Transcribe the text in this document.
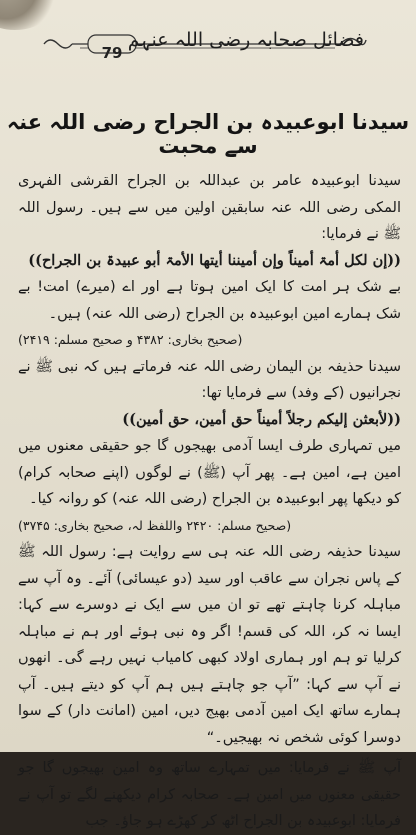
79
فضائل صحابہ رضی اللہ عنہم
سیدنا ابوعبیدہ بن الجراح رضی اللہ عنہ سے محبت

سیدنا ابوعبیدہ عامر بن عبداللہ بن الجراح القرشی الفہری المکی رضی اللہ عنہ سابقین اولین میں سے ہیں۔ رسول اللہ ﷺ نے فرمایا:

((إن لکل أمۃ أمیناً وإن أمیننا أیتھا الأمۃ أبو عبیدۃ بن الجراح))

بے شک ہر امت کا ایک امین ہوتا ہے اور اے (میرے) امت! بے شک ہمارے امین ابوعبیدہ بن الجراح (رضی اللہ عنہ) ہیں۔

(صحیح بخاری: ۴۳۸۲ و صحیح مسلم: ۲۴۱۹)

سیدنا حذیفہ بن الیمان رضی اللہ عنہ فرماتے ہیں کہ نبی ﷺ نے نجرانیوں (کے وفد) سے فرمایا تھا:

((لأبعثن إلیکم رجلاً أمیناً حق أمین، حق أمین))

میں تمہاری طرف ایسا آدمی بھیجوں گا جو حقیقی معنوں میں امین ہے، امین ہے۔ پھر آپ (ﷺ) نے لوگوں (اپنے صحابہ کرام) کو دیکھا پھر ابوعبیدہ بن الجراح (رضی اللہ عنہ) کو روانہ کیا۔

(صحیح مسلم: ۲۴۲۰ واللفظ لہ، صحیح بخاری: ۳۷۴۵)

سیدنا حذیفہ رضی اللہ عنہ ہی سے روایت ہے: رسول اللہ ﷺ کے پاس نجران سے عاقب اور سید (دو عیسائی) آئے۔ وہ آپ سے مباہلہ کرنا چاہتے تھے تو ان میں سے ایک نے دوسرے سے کہا: ایسا نہ کر، اللہ کی قسم! اگر وہ نبی ہوئے اور ہم نے مباہلہ کرلیا تو ہم اور ہماری اولاد کبھی کامیاب نہیں رہے گی۔ انھوں نے آپ سے کہا: ”آپ جو چاہتے ہیں ہم آپ کو دیتے ہیں۔ آپ ہمارے ساتھ ایک امین آدمی بھیج دیں، امین (امانت دار) کے سوا دوسرا کوئی شخص نہ بھیجیں۔“

آپ ﷺ نے فرمایا: میں تمہارے ساتھ وہ امین بھیجوں گا جو حقیقی معنوں میں امین ہے۔ صحابہ کرام دیکھنے لگے تو آپ نے فرمایا: ابوعبیدہ بن الجراح اٹھ کر کھڑے ہو جاؤ۔ جب
